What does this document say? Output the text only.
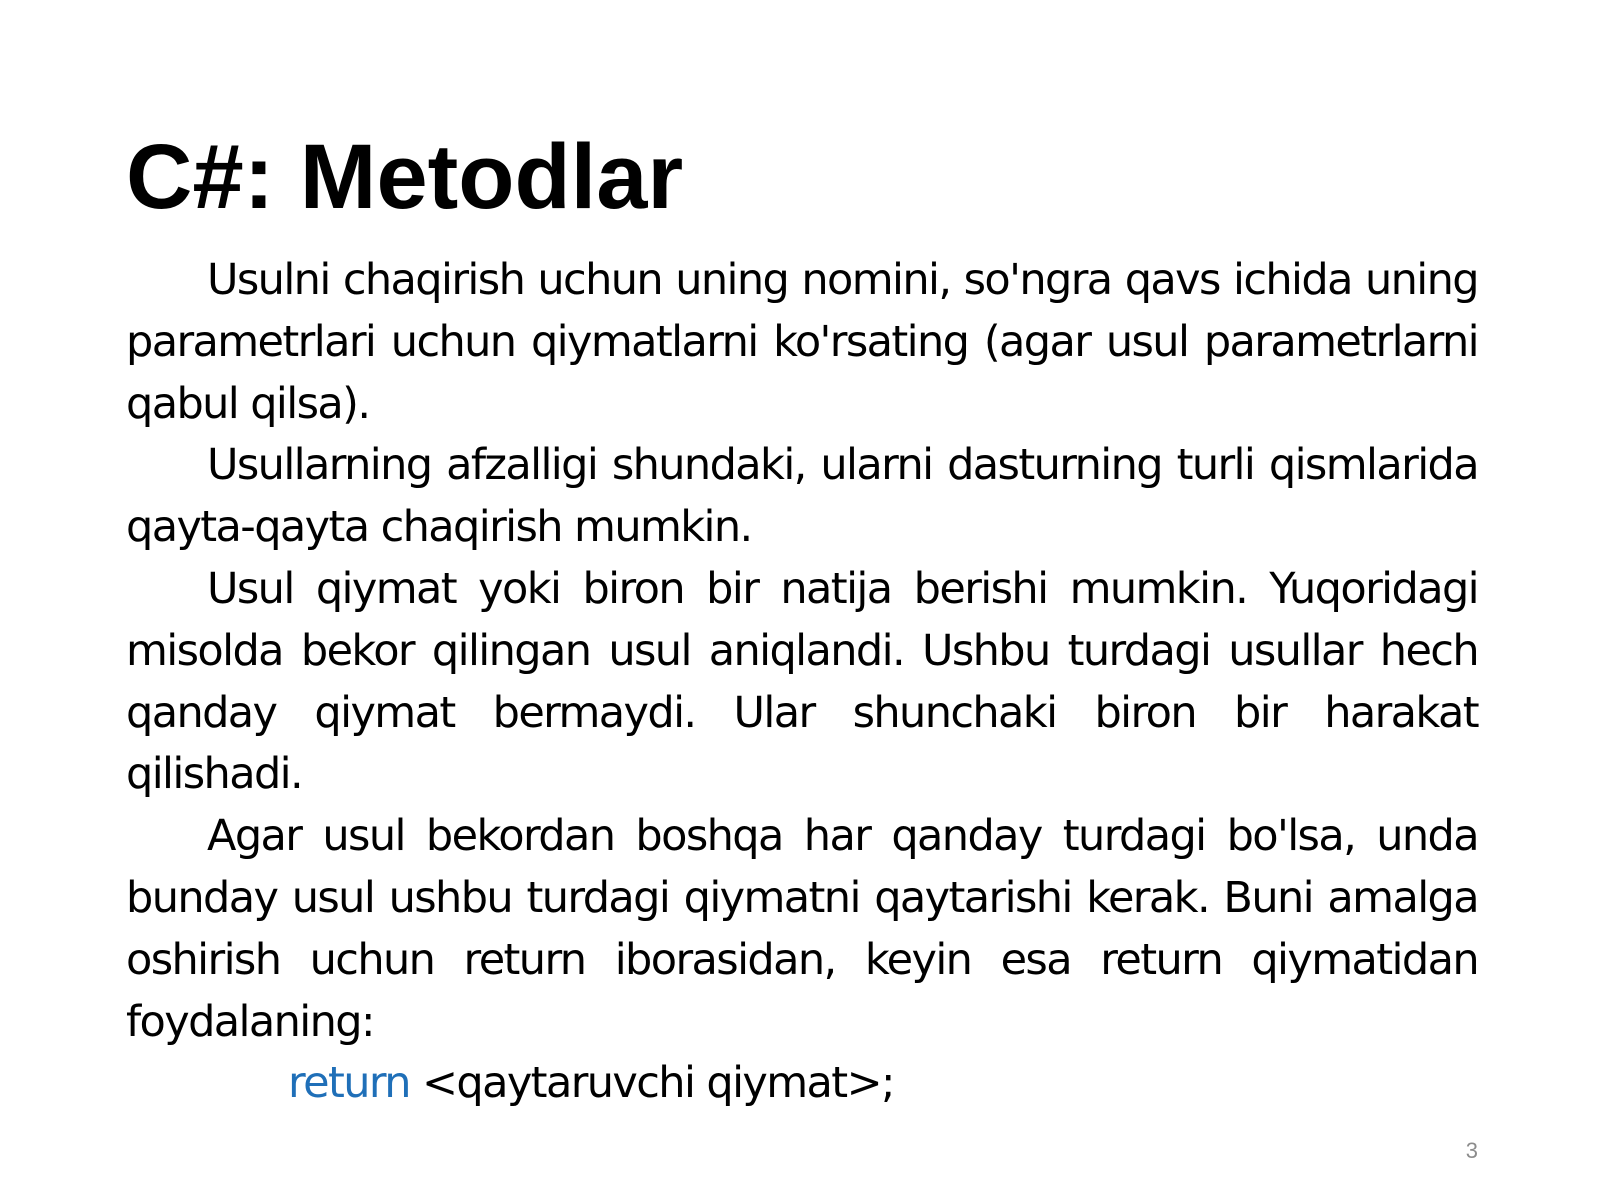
C#: Metodlar

Usulni chaqirish uchun uning nomini, so'ngra qavs ichida uning parametrlari uchun qiymatlarni ko'rsating (agar usul parametrlarni qabul qilsa).

Usullarning afzalligi shundaki, ularni dasturning turli qismlarida qayta-qayta chaqirish mumkin.

Usul qiymat yoki biron bir natija berishi mumkin. Yuqoridagi misolda bekor qilingan usul aniqlandi. Ushbu turdagi usullar hech qanday qiymat bermaydi. Ular shunchaki biron bir harakat qilishadi.

Agar usul bekordan boshqa har qanday turdagi bo'lsa, unda bunday usul ushbu turdagi qiymatni qaytarishi kerak. Buni amalga oshirish uchun return iborasidan, keyin esa return qiymatidan foydalaning:

return <qaytaruvchi qiymat>;

3
